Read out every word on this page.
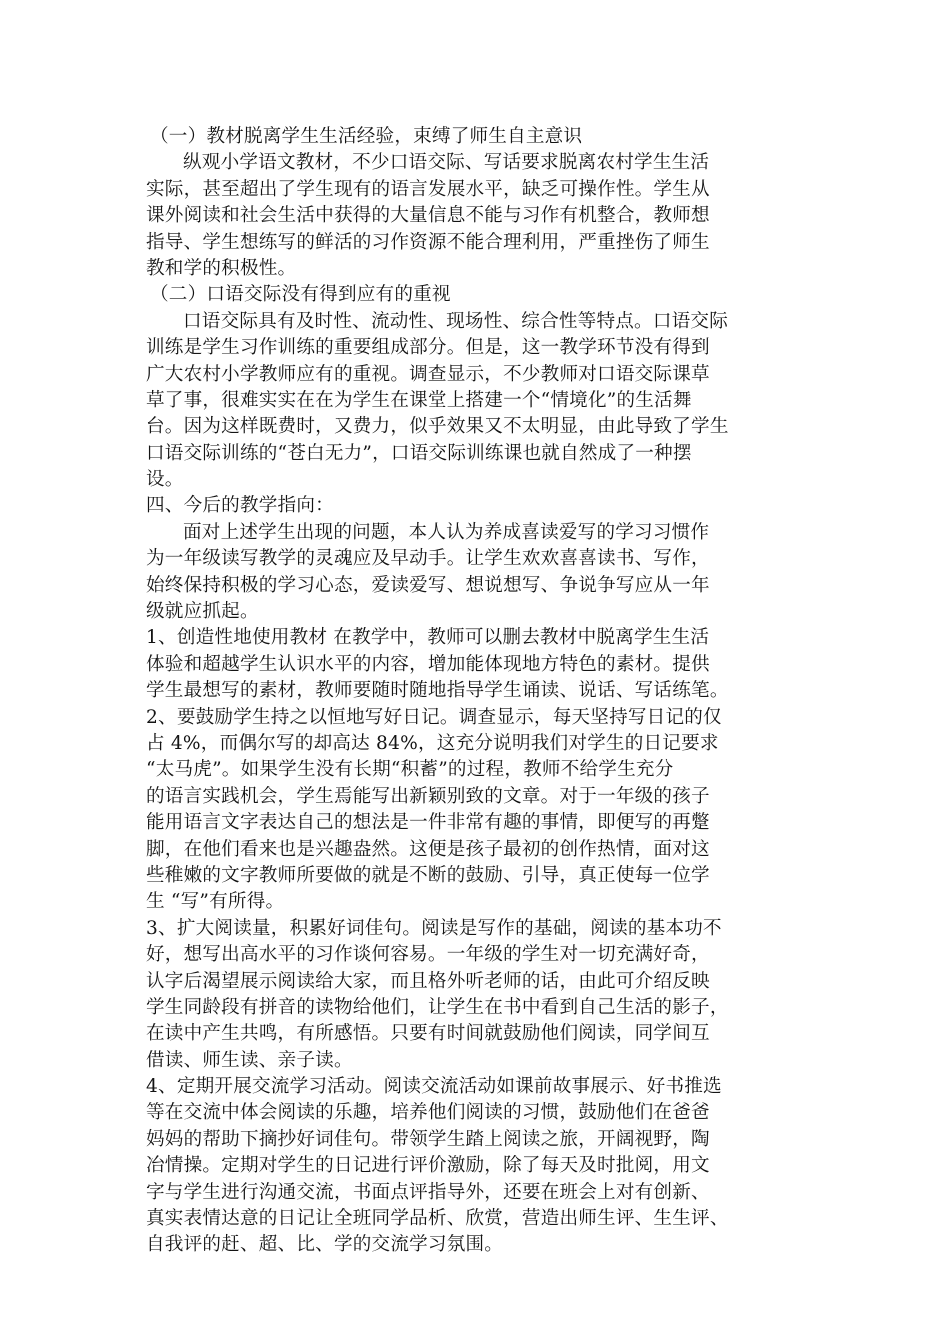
（一）教材脱离学生生活经验，束缚了师生自主意识
纵观小学语文教材，不少口语交际、写话要求脱离农村学生生活
实际，甚至超出了学生现有的语言发展水平，缺乏可操作性。学生从
课外阅读和社会生活中获得的大量信息不能与习作有机整合，教师想
指导、学生想练写的鲜活的习作资源不能合理利用，严重挫伤了师生
教和学的积极性。
（二）口语交际没有得到应有的重视
口语交际具有及时性、流动性、现场性、综合性等特点。口语交际
训练是学生习作训练的重要组成部分。但是，这一教学环节没有得到
广大农村小学教师应有的重视。调查显示，不少教师对口语交际课草
草了事，很难实实在在为学生在课堂上搭建一个“情境化”的生活舞
台。因为这样既费时，又费力，似乎效果又不太明显，由此导致了学生
口语交际训练的“苍白无力”，口语交际训练课也就自然成了一种摆
设。
四、今后的教学指向：
面对上述学生出现的问题，本人认为养成喜读爱写的学习习惯作
为一年级读写教学的灵魂应及早动手。让学生欢欢喜喜读书、写作，
始终保持积极的学习心态，爱读爱写、想说想写、争说争写应从一年
级就应抓起。
1、创造性地使用教材 在教学中，教师可以删去教材中脱离学生生活
体验和超越学生认识水平的内容，增加能体现地方特色的素材。提供
学生最想写的素材，教师要随时随地指导学生诵读、说话、写话练笔。
2、要鼓励学生持之以恒地写好日记。调查显示，每天坚持写日记的仅
占 4%，而偶尔写的却高达 84%，这充分说明我们对学生的日记要求
“太马虎”。如果学生没有长期“积蓄”的过程，教师不给学生充分
的语言实践机会，学生焉能写出新颖别致的文章。对于一年级的孩子
能用语言文字表达自己的想法是一件非常有趣的事情，即便写的再蹩
脚，在他们看来也是兴趣盎然。这便是孩子最初的创作热情，面对这
些稚嫩的文字教师所要做的就是不断的鼓励、引导，真正使每一位学
生 “写”有所得。
3、扩大阅读量，积累好词佳句。阅读是写作的基础，阅读的基本功不
好，想写出高水平的习作谈何容易。一年级的学生对一切充满好奇，
认字后渴望展示阅读给大家，而且格外听老师的话，由此可介绍反映
学生同龄段有拼音的读物给他们，让学生在书中看到自己生活的影子，
在读中产生共鸣，有所感悟。只要有时间就鼓励他们阅读，同学间互
借读、师生读、亲子读。
4、定期开展交流学习活动。阅读交流活动如课前故事展示、好书推选
等在交流中体会阅读的乐趣，培养他们阅读的习惯，鼓励他们在爸爸
妈妈的帮助下摘抄好词佳句。带领学生踏上阅读之旅，开阔视野，陶
冶情操。定期对学生的日记进行评价激励，除了每天及时批阅，用文
字与学生进行沟通交流，书面点评指导外，还要在班会上对有创新、
真实表情达意的日记让全班同学品析、欣赏，营造出师生评、生生评、
自我评的赶、超、比、学的交流学习氛围。
